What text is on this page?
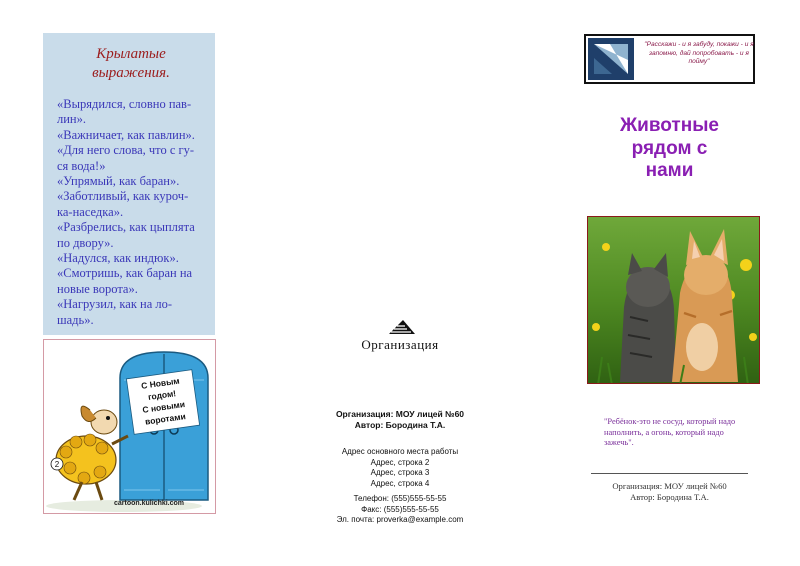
Крылатые
выражения.
«Вырядился, словно пав-
лин».
«Важничает, как павлин».
«Для него слова, что с гу-
ся вода!»
«Упрямый, как баран».
«Заботливый, как куроч-
ка-наседка».
«Разбрелись, как цыплята
по двору».
«Надулся, как индюк».
«Смотришь, как баран на
новые ворота».
«Нагрузил, как на ло-
шадь».
С Новым
годом!
С новыми
воротами
2
cartoon.kulichki.com
Организация
Организация: МОУ лицей №60
Автор: Бородина Т.А.
Адрес основного места работы
Адрес, строка 2
Адрес, строка 3
Адрес, строка 4
Телефон: (555)555-55-55
Факс: (555)555-55-55
Эл. почта: proverka@example.com
"Расскажи - и я забуду, покажи - и я запомню, дай попробовать - и я пойму"
Животные
рядом с
нами
"Ребёнок-это не сосуд, который надо наполнить, а огонь, который надо зажечь".
Организация: МОУ лицей №60
Автор: Бородина Т.А.
